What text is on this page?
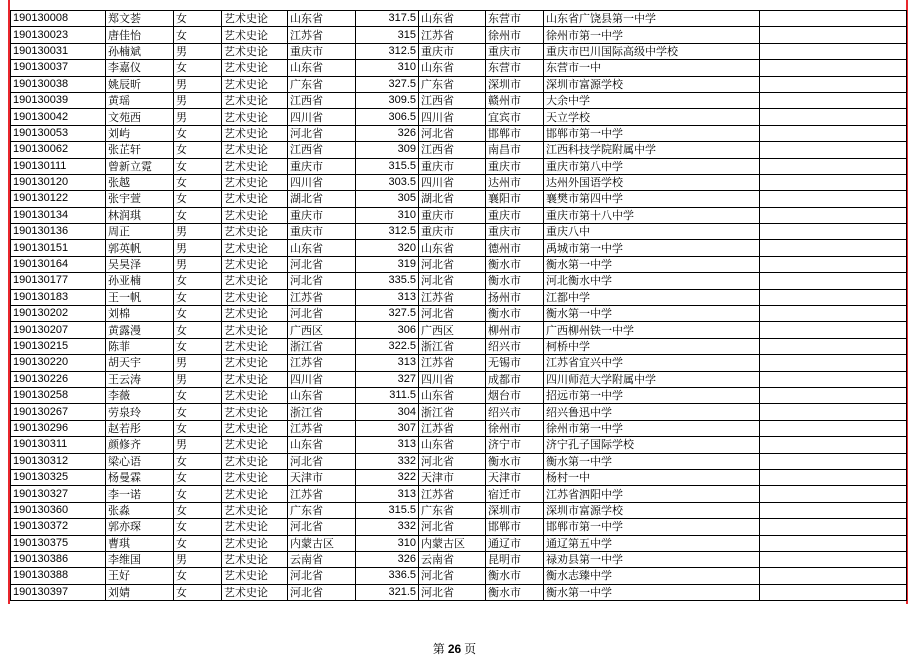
190130008	郑文荟	女	艺术史论	山东省	317.5	山东省	东营市	山东省广饶县第一中学	
190130023	唐佳怡	女	艺术史论	江苏省	315	江苏省	徐州市	徐州市第一中学	
190130031	孙楠斌	男	艺术史论	重庆市	312.5	重庆市	重庆市	重庆市巴川国际高级中学校	
190130037	李嘉仪	女	艺术史论	山东省	310	山东省	东营市	东营市一中	
190130038	姚辰昕	男	艺术史论	广东省	327.5	广东省	深圳市	深圳市富源学校	
190130039	黄瑶	男	艺术史论	江西省	309.5	江西省	赣州市	大余中学	
190130042	文苑西	男	艺术史论	四川省	306.5	四川省	宜宾市	天立学校	
190130053	刘屿	女	艺术史论	河北省	326	河北省	邯郸市	邯郸市第一中学	
190130062	张芷轩	女	艺术史论	江西省	309	江西省	南昌市	江西科技学院附属中学	
190130111	曾新立霓	女	艺术史论	重庆市	315.5	重庆市	重庆市	重庆市第八中学	
190130120	张越	女	艺术史论	四川省	303.5	四川省	达州市	达州外国语学校	
190130122	张宇萱	女	艺术史论	湖北省	305	湖北省	襄阳市	襄樊市第四中学	
190130134	林润琪	女	艺术史论	重庆市	310	重庆市	重庆市	重庆市第十八中学	
190130136	周正	男	艺术史论	重庆市	312.5	重庆市	重庆市	重庆八中	
190130151	郭英帆	男	艺术史论	山东省	320	山东省	德州市	禹城市第一中学	
190130164	吴昊泽	男	艺术史论	河北省	319	河北省	衡水市	衡水第一中学	
190130177	孙亚楠	女	艺术史论	河北省	335.5	河北省	衡水市	河北衡水中学	
190130183	王一帆	女	艺术史论	江苏省	313	江苏省	扬州市	江都中学	
190130202	刘棉	女	艺术史论	河北省	327.5	河北省	衡水市	衡水第一中学	
190130207	黄露漫	女	艺术史论	广西区	306	广西区	柳州市	广西柳州铁一中学	
190130215	陈菲	女	艺术史论	浙江省	322.5	浙江省	绍兴市	柯桥中学	
190130220	胡天宇	男	艺术史论	江苏省	313	江苏省	无锡市	江苏省宜兴中学	
190130226	王云涛	男	艺术史论	四川省	327	四川省	成都市	四川师范大学附属中学	
190130258	李薇	女	艺术史论	山东省	311.5	山东省	烟台市	招远市第一中学	
190130267	劳泉玲	女	艺术史论	浙江省	304	浙江省	绍兴市	绍兴鲁迅中学	
190130296	赵若彤	女	艺术史论	江苏省	307	江苏省	徐州市	徐州市第一中学	
190130311	颜修齐	男	艺术史论	山东省	313	山东省	济宁市	济宁孔子国际学校	
190130312	梁心语	女	艺术史论	河北省	332	河北省	衡水市	衡水第一中学	
190130325	杨曼霖	女	艺术史论	天津市	322	天津市	天津市	杨村一中	
190130327	李一诺	女	艺术史论	江苏省	313	江苏省	宿迁市	江苏省泗阳中学	
190130360	张淼	女	艺术史论	广东省	315.5	广东省	深圳市	深圳市富源学校	
190130372	郭亦琛	女	艺术史论	河北省	332	河北省	邯郸市	邯郸市第一中学	
190130375	曹琪	女	艺术史论	内蒙古区	310	内蒙古区	通辽市	通辽第五中学	
190130386	李维国	男	艺术史论	云南省	326	云南省	昆明市	禄劝县第一中学	
190130388	王好	女	艺术史论	河北省	336.5	河北省	衡水市	衡水志臻中学	
190130397	刘婧	女	艺术史论	河北省	321.5	河北省	衡水市	衡水第一中学	
第 26 页
